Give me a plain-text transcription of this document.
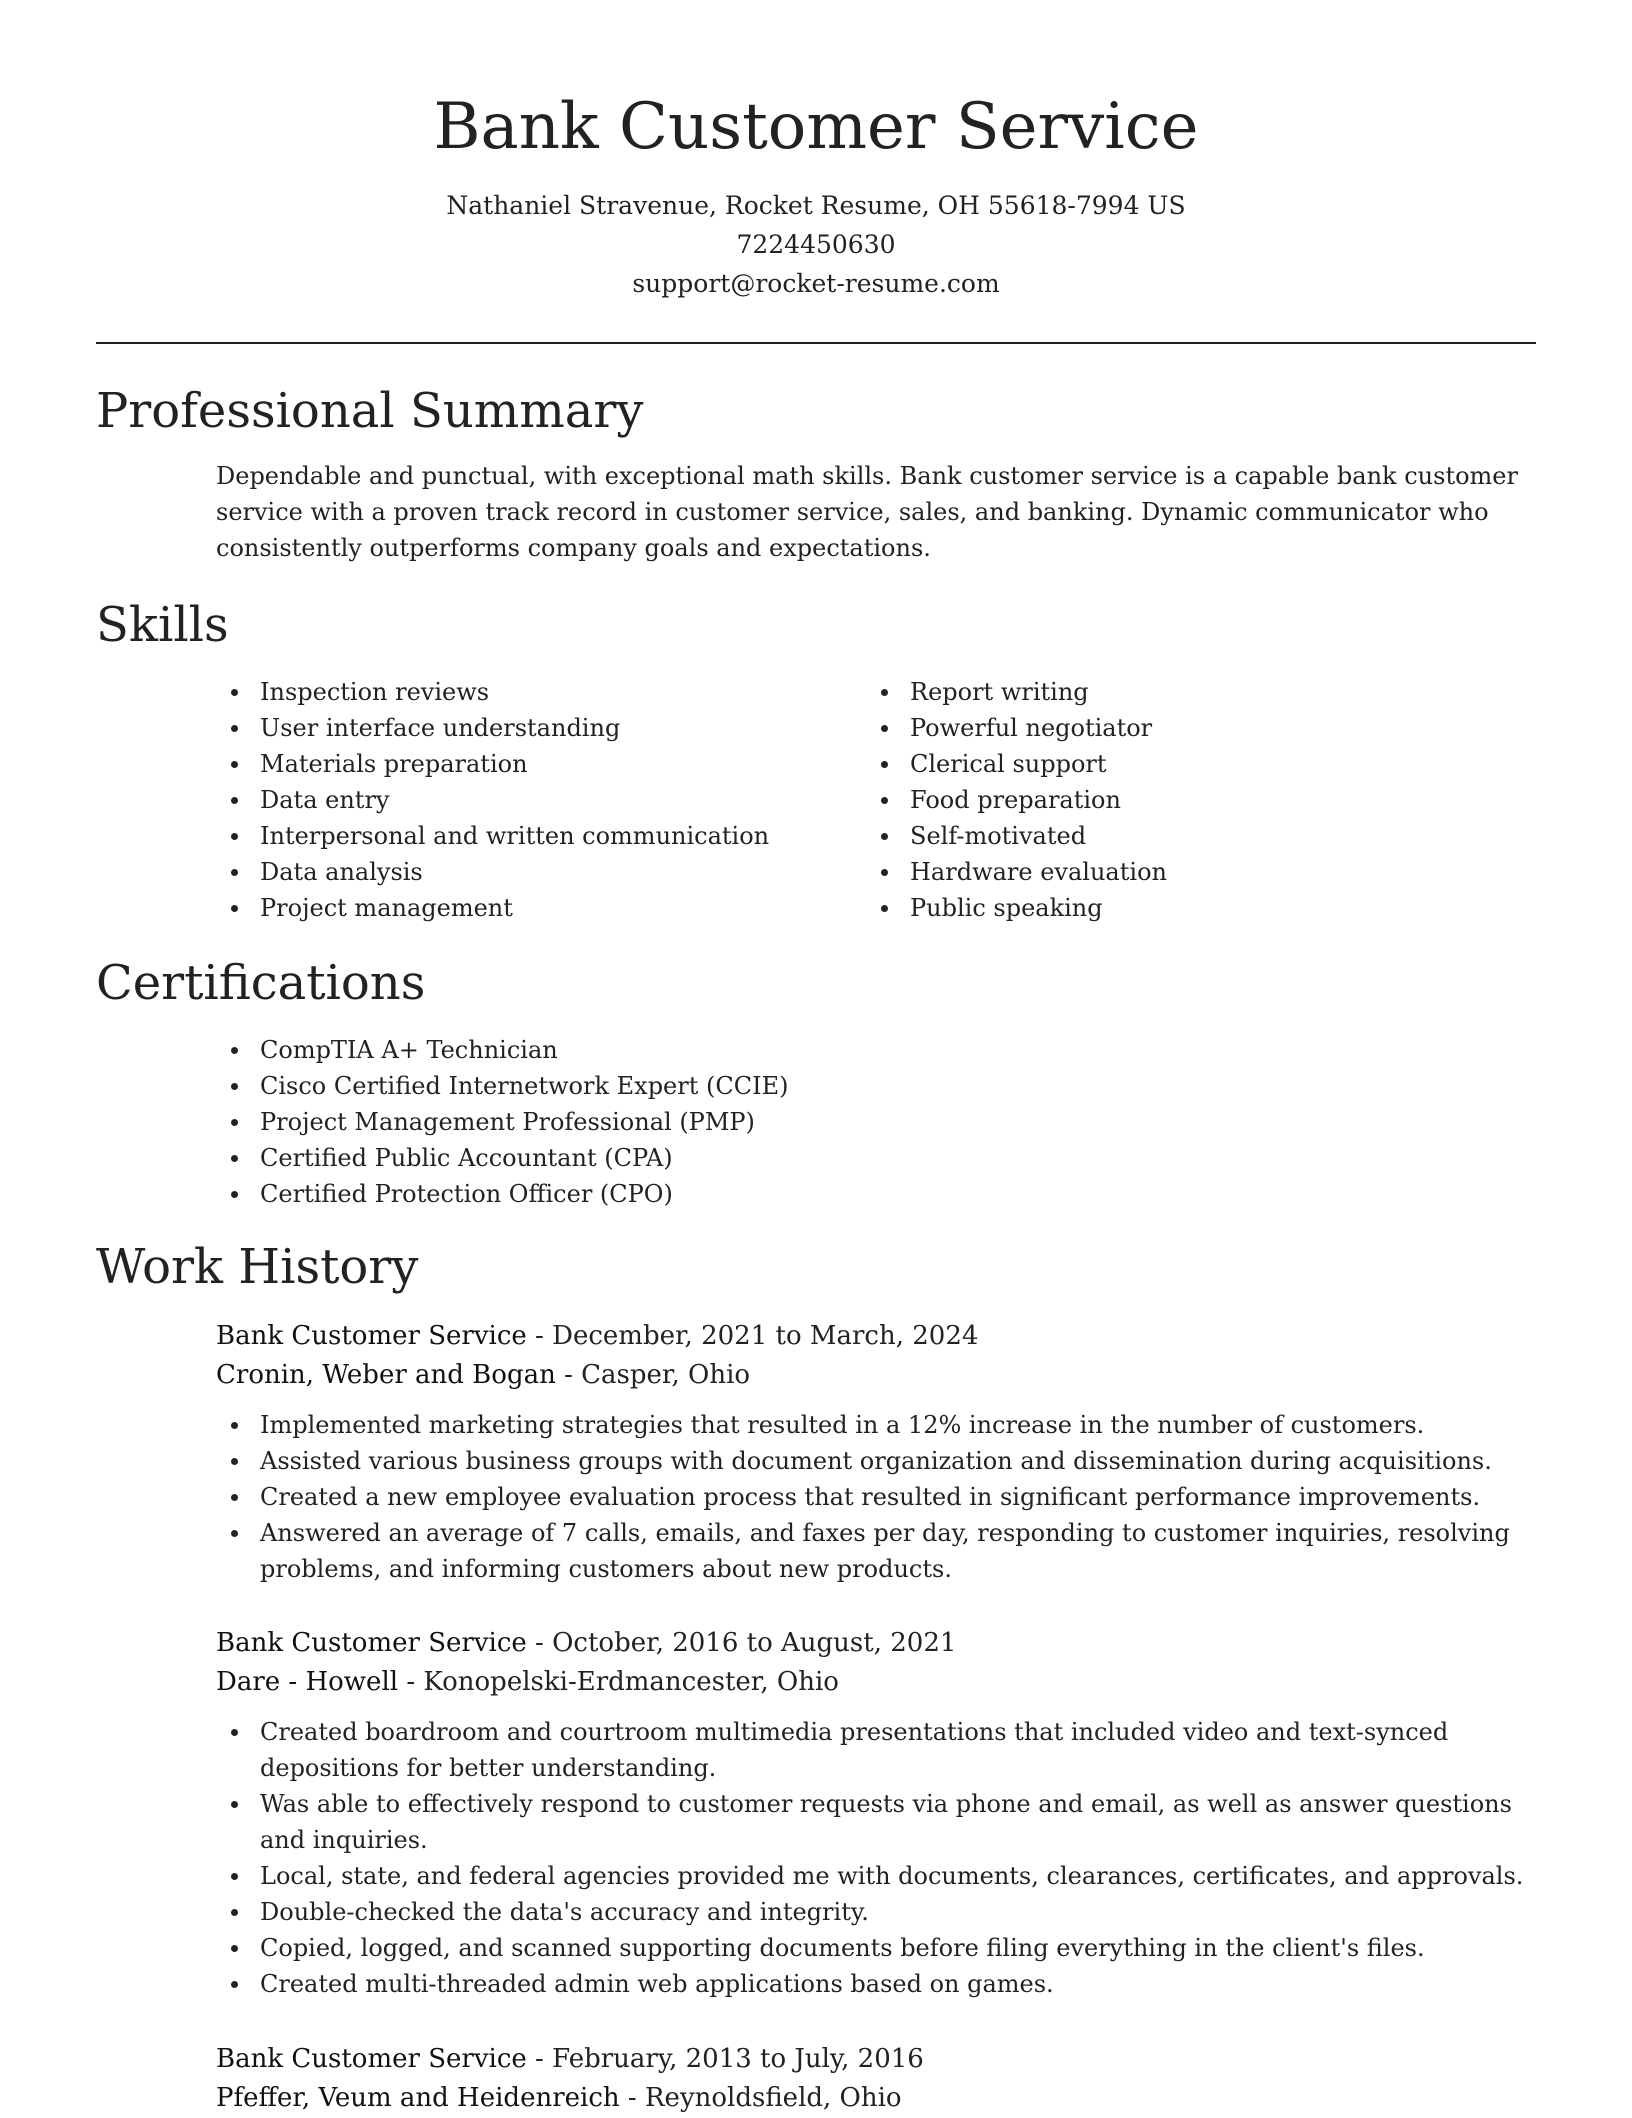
Bank Customer Service
Nathaniel Stravenue, Rocket Resume, OH 55618-7994 US
7224450630
support@rocket-resume.com
Professional Summary

Dependable and punctual, with exceptional math skills. Bank customer service is a capable bank customer service with a proven track record in customer service, sales, and banking. Dynamic communicator who consistently outperforms company goals and expectations.

Skills
Inspection reviews
User interface understanding
Materials preparation
Data entry
Interpersonal and written communication
Data analysis
Project management
Report writing
Powerful negotiator
Clerical support
Food preparation
Self-motivated
Hardware evaluation
Public speaking
Certifications
CompTIA A+ Technician
Cisco Certified Internetwork Expert (CCIE)
Project Management Professional (PMP)
Certified Public Accountant (CPA)
Certified Protection Officer (CPO)
Work History
Bank Customer Service - December, 2021 to March, 2024
Cronin, Weber and Bogan - Casper, Ohio
Implemented marketing strategies that resulted in a 12% increase in the number of customers.
Assisted various business groups with document organization and dissemination during acquisitions.
Created a new employee evaluation process that resulted in significant performance improvements.
Answered an average of 7 calls, emails, and faxes per day, responding to customer inquiries, resolving problems, and informing customers about new products.
Bank Customer Service - October, 2016 to August, 2021
Dare - Howell - Konopelski-Erdmancester, Ohio
Created boardroom and courtroom multimedia presentations that included video and text-synced depositions for better understanding.
Was able to effectively respond to customer requests via phone and email, as well as answer questions and inquiries.
Local, state, and federal agencies provided me with documents, clearances, certificates, and approvals.
Double-checked the data's accuracy and integrity.
Copied, logged, and scanned supporting documents before filing everything in the client's files.
Created multi-threaded admin web applications based on games.
Bank Customer Service - February, 2013 to July, 2016
Pfeffer, Veum and Heidenreich - Reynoldsfield, Ohio
